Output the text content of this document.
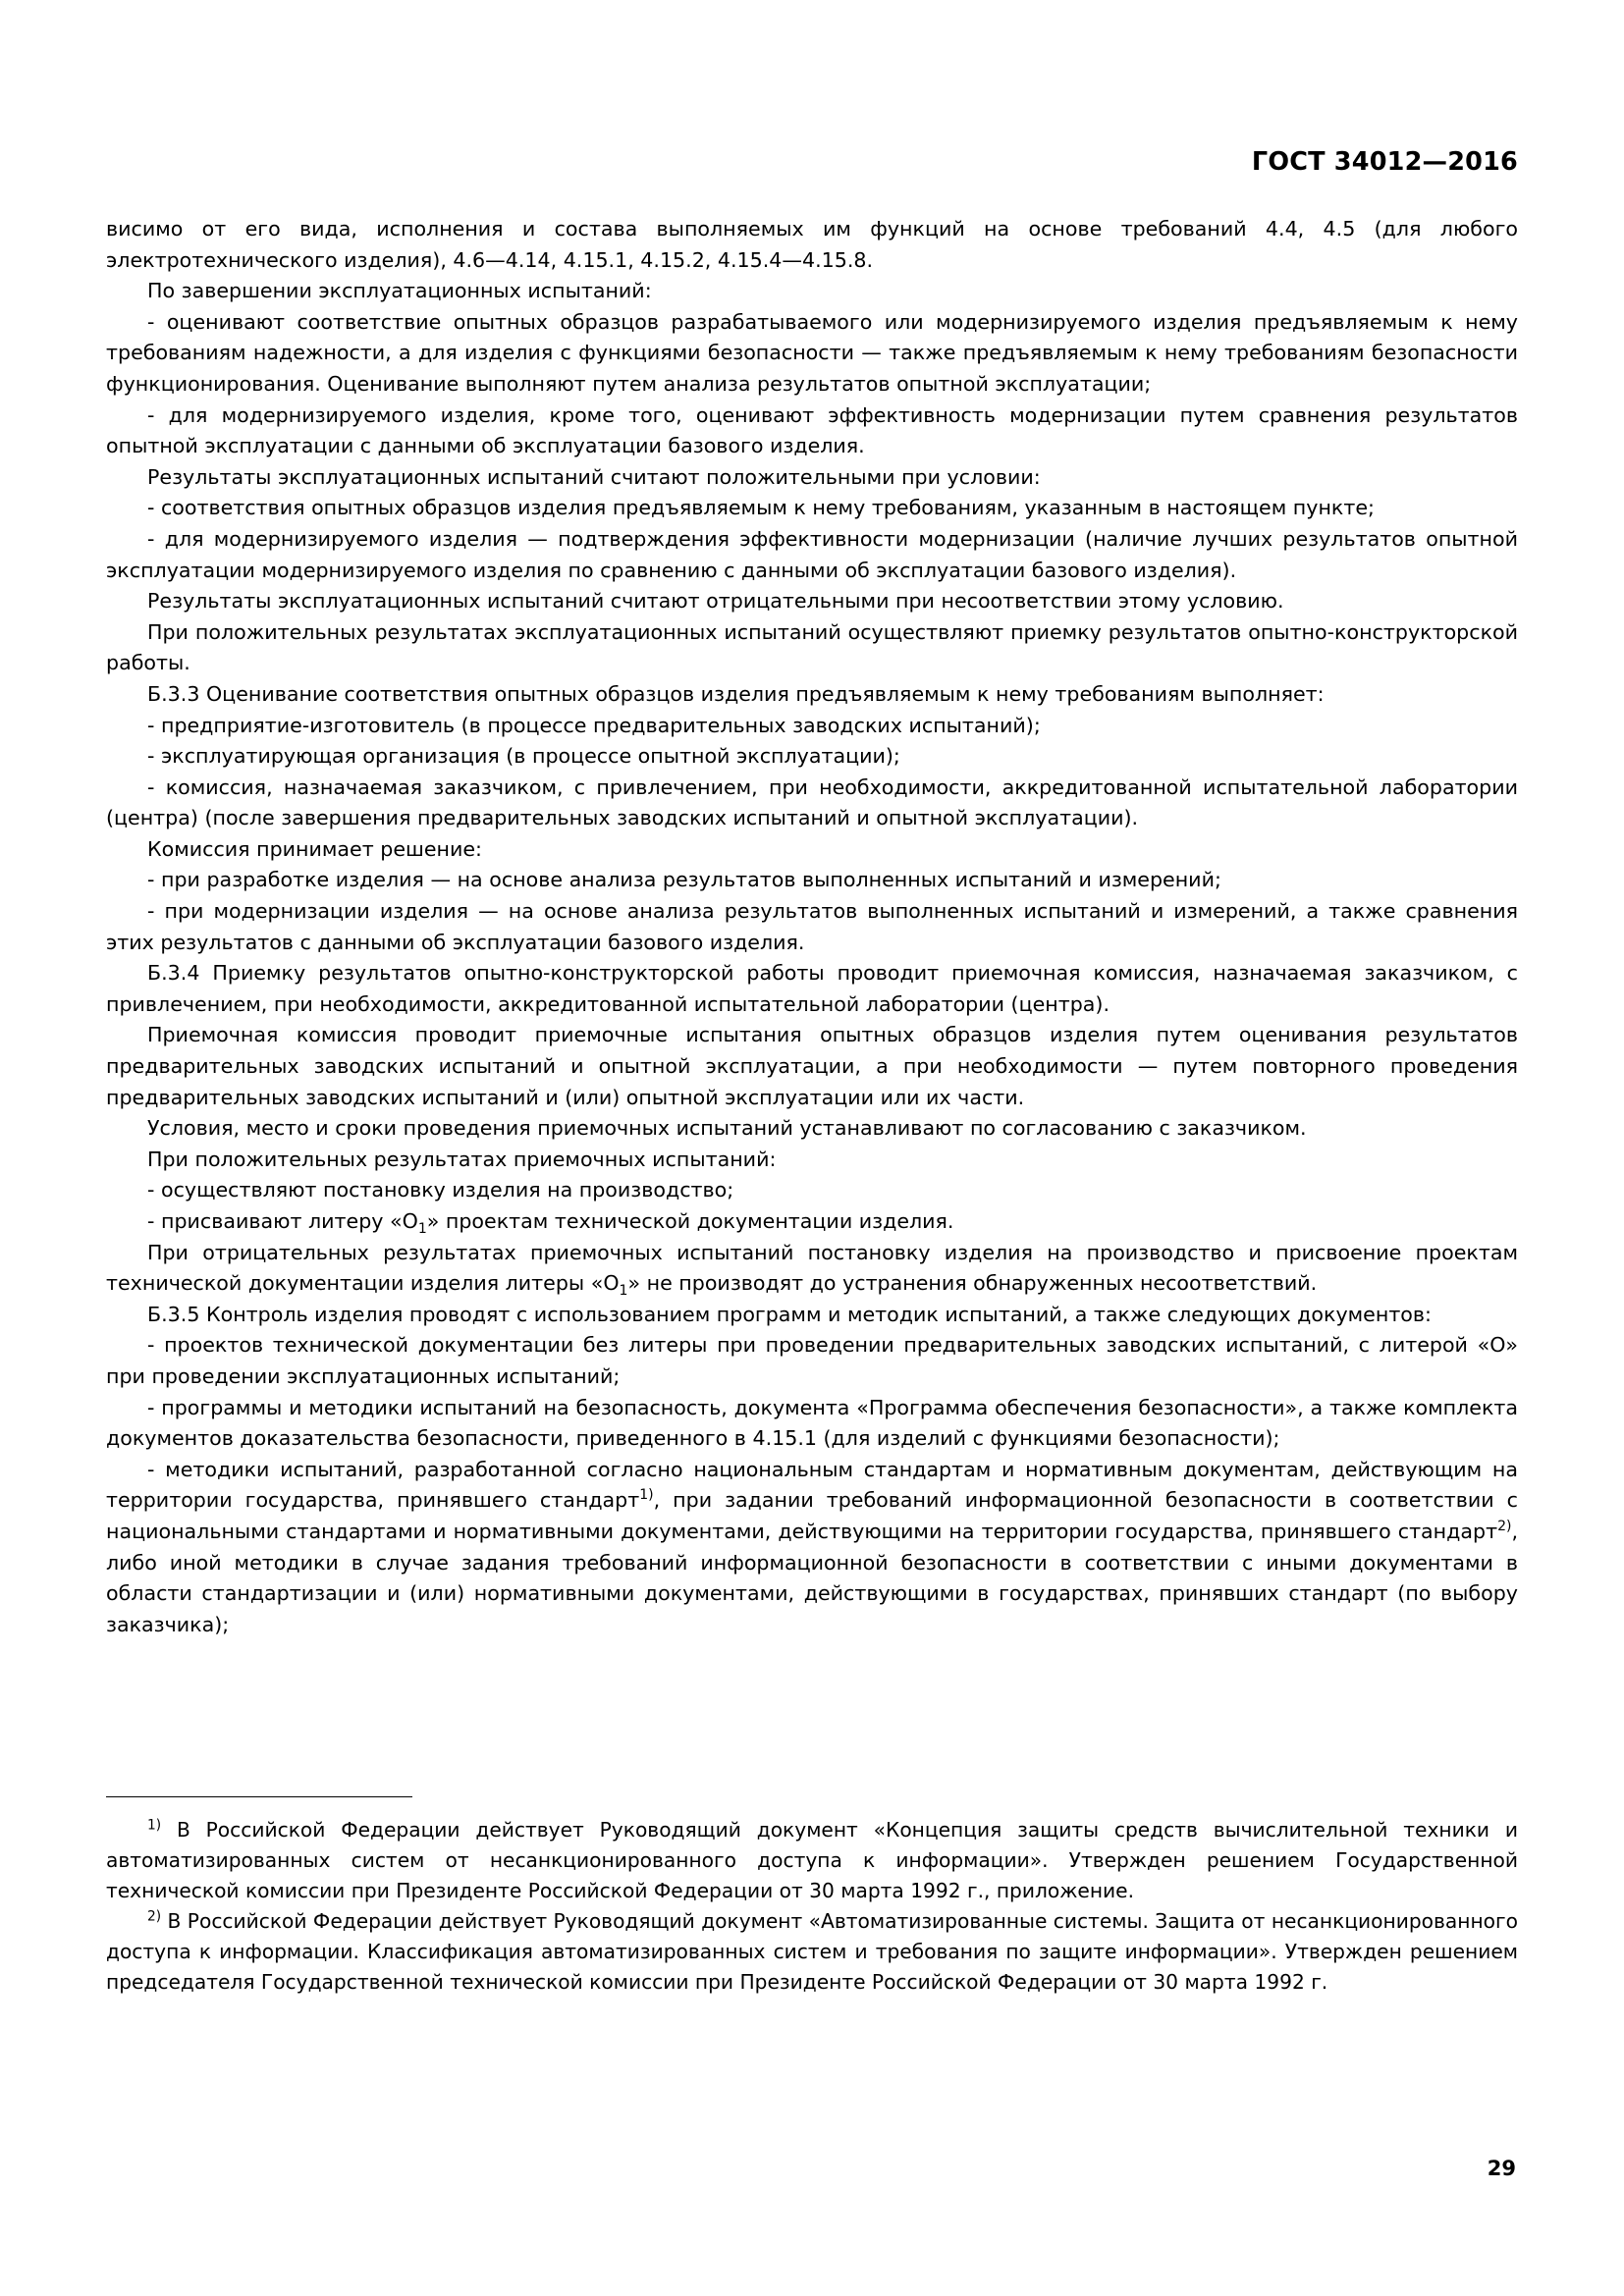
ГОСТ 34012—2016

висимо от его вида, исполнения и состава выполняемых им функций на основе требований 4.4, 4.5 (для любого электротехнического изделия), 4.6—4.14, 4.15.1, 4.15.2, 4.15.4—4.15.8.

По завершении эксплуатационных испытаний:

- оценивают соответствие опытных образцов разрабатываемого или модернизируемого изделия предъявляемым к нему требованиям надежности, а для изделия с функциями безопасности — также предъявляемым к нему требованиям безопасности функционирования. Оценивание выполняют путем анализа результатов опытной эксплуатации;

- для модернизируемого изделия, кроме того, оценивают эффективность модернизации путем сравнения результатов опытной эксплуатации с данными об эксплуатации базового изделия.

Результаты эксплуатационных испытаний считают положительными при условии:

- соответствия опытных образцов изделия предъявляемым к нему требованиям, указанным в настоящем пункте;

- для модернизируемого изделия — подтверждения эффективности модернизации (наличие лучших результатов опытной эксплуатации модернизируемого изделия по сравнению с данными об эксплуатации базового изделия).

Результаты эксплуатационных испытаний считают отрицательными при несоответствии этому условию.

При положительных результатах эксплуатационных испытаний осуществляют приемку результатов опытно-конструкторской работы.

Б.3.3 Оценивание соответствия опытных образцов изделия предъявляемым к нему требованиям выполняет:

- предприятие-изготовитель (в процессе предварительных заводских испытаний);

- эксплуатирующая организация (в процессе опытной эксплуатации);

- комиссия, назначаемая заказчиком, с привлечением, при необходимости, аккредитованной испытательной лаборатории (центра) (после завершения предварительных заводских испытаний и опытной эксплуатации).

Комиссия принимает решение:

- при разработке изделия — на основе анализа результатов выполненных испытаний и измерений;

- при модернизации изделия — на основе анализа результатов выполненных испытаний и измерений, а также сравнения этих результатов с данными об эксплуатации базового изделия.

Б.3.4 Приемку результатов опытно-конструкторской работы проводит приемочная комиссия, назначаемая заказчиком, с привлечением, при необходимости, аккредитованной испытательной лаборатории (центра).

Приемочная комиссия проводит приемочные испытания опытных образцов изделия путем оценивания результатов предварительных заводских испытаний и опытной эксплуатации, а при необходимости — путем повторного проведения предварительных заводских испытаний и (или) опытной эксплуатации или их части.

Условия, место и сроки проведения приемочных испытаний устанавливают по согласованию с заказчиком.

При положительных результатах приемочных испытаний:

- осуществляют постановку изделия на производство;

- присваивают литеру «$О_1$» проектам технической документации изделия.

При отрицательных результатах приемочных испытаний постановку изделия на производство и присвоение проектам технической документации изделия литеры «$О_1$» не производят до устранения обнаруженных несоответствий.

Б.3.5 Контроль изделия проводят с использованием программ и методик испытаний, а также следующих документов:

- проектов технической документации без литеры при проведении предварительных заводских испытаний, с литерой «О» при проведении эксплуатационных испытаний;

- программы и методики испытаний на безопасность, документа «Программа обеспечения безопасности», а также комплекта документов доказательства безопасности, приведенного в 4.15.1 (для изделий с функциями безопасности);

- методики испытаний, разработанной согласно национальным стандартам и нормативным документам, действующим на территории государства, принявшего стандарт$^{1)}$, при задании требований информационной безопасности в соответствии с национальными стандартами и нормативными документами, действующими на территории государства, принявшего стандарт$^{2)}$, либо иной методики в случае задания требований информационной безопасности в соответствии с иными документами в области стандартизации и (или) нормативными документами, действующими в государствах, принявших стандарт (по выбору заказчика);

$^{1)}$ В Российской Федерации действует Руководящий документ «Концепция защиты средств вычислительной техники и автоматизированных систем от несанкционированного доступа к информации». Утвержден решением Государственной технической комиссии при Президенте Российской Федерации от 30 марта 1992 г., приложение.

$^{2)}$ В Российской Федерации действует Руководящий документ «Автоматизированные системы. Защита от несанкционированного доступа к информации. Классификация автоматизированных систем и требования по защите информации». Утвержден решением председателя Государственной технической комиссии при Президенте Российской Федерации от 30 марта 1992 г.

29
